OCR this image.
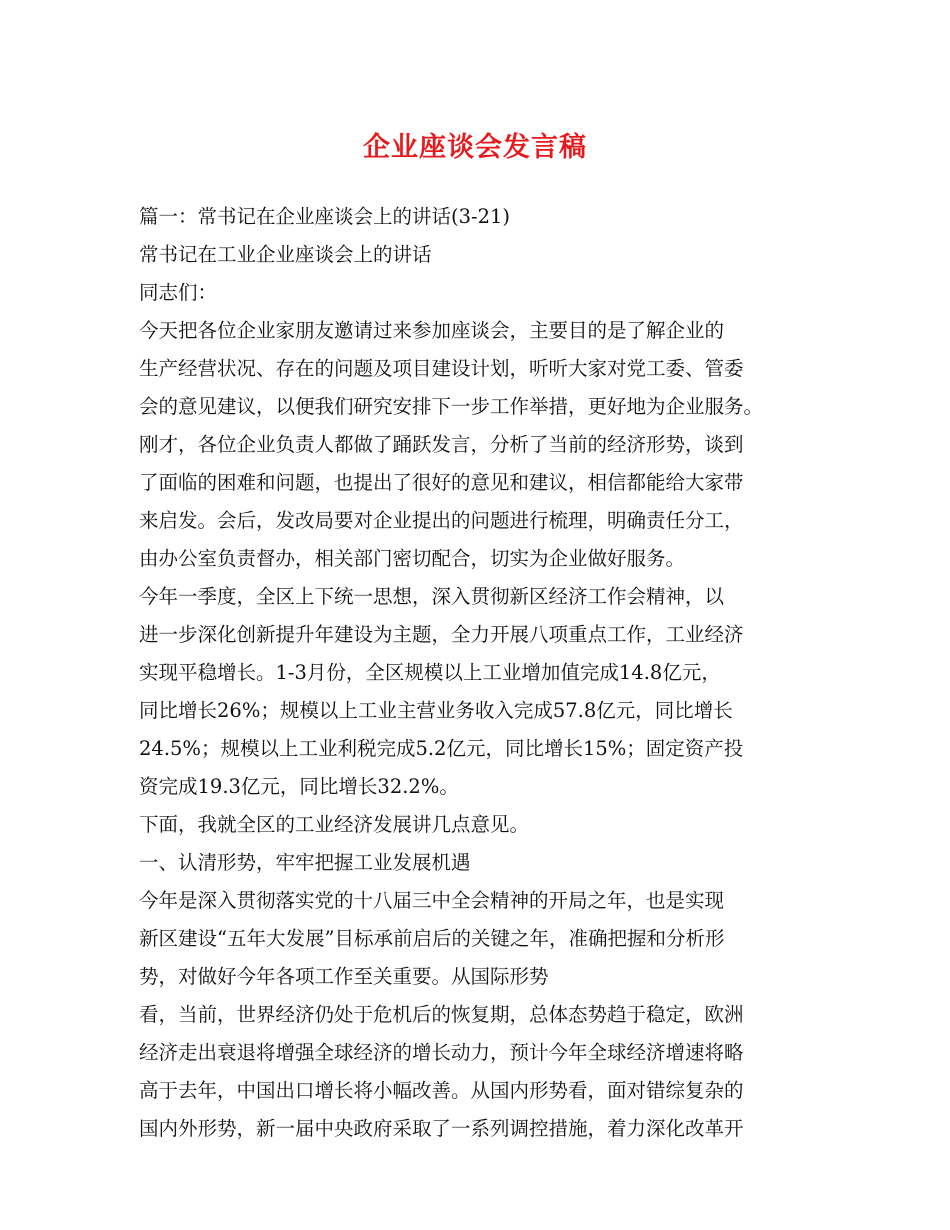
企业座谈会发言稿
篇一：常书记在企业座谈会上的讲话(3-21)
常书记在工业企业座谈会上的讲话
同志们：
今天把各位企业家朋友邀请过来参加座谈会，主要目的是了解企业的
生产经营状况、存在的问题及项目建设计划，听听大家对党工委、管委
会的意见建议，以便我们研究安排下一步工作举措，更好地为企业服务。
刚才，各位企业负责人都做了踊跃发言，分析了当前的经济形势，谈到
了面临的困难和问题，也提出了很好的意见和建议，相信都能给大家带
来启发。会后，发改局要对企业提出的问题进行梳理，明确责任分工，
由办公室负责督办，相关部门密切配合，切实为企业做好服务。
今年一季度，全区上下统一思想，深入贯彻新区经济工作会精神，以
进一步深化创新提升年建设为主题，全力开展八项重点工作，工业经济
实现平稳增长。1-3月份，全区规模以上工业增加值完成14.8亿元，
同比增长26%；规模以上工业主营业务收入完成57.8亿元，同比增长
24.5%；规模以上工业利税完成5.2亿元，同比增长15%；固定资产投
资完成19.3亿元，同比增长32.2%。
下面，我就全区的工业经济发展讲几点意见。
一、认清形势，牢牢把握工业发展机遇
今年是深入贯彻落实党的十八届三中全会精神的开局之年，也是实现
新区建设“五年大发展”目标承前启后的关键之年，准确把握和分析形
势，对做好今年各项工作至关重要。从国际形势
看，当前，世界经济仍处于危机后的恢复期，总体态势趋于稳定，欧洲
经济走出衰退将增强全球经济的增长动力，预计今年全球经济增速将略
高于去年，中国出口增长将小幅改善。从国内形势看，面对错综复杂的
国内外形势，新一届中央政府采取了一系列调控措施，着力深化改革开
